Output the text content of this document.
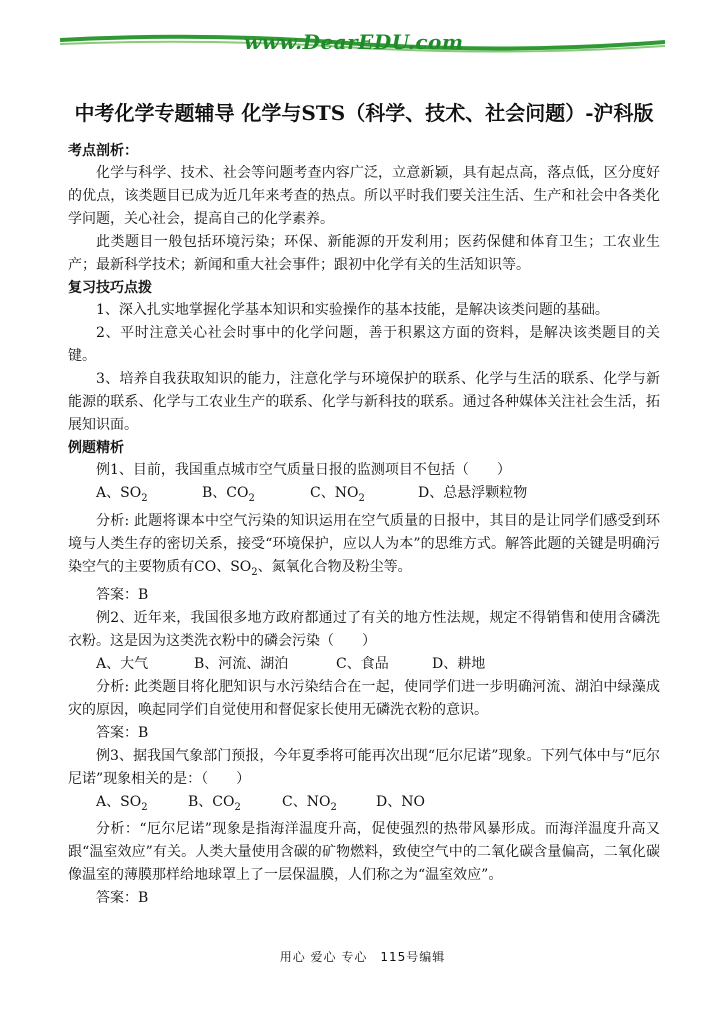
www.DearEDU.com
中考化学专题辅导 化学与STS（科学、技术、社会问题）-沪科版
考点剖析：

化学与科学、技术、社会等问题考查内容广泛，立意新颖，具有起点高，落点低，区分度好的优点，该类题目已成为近几年来考查的热点。所以平时我们要关注生活、生产和社会中各类化学问题，关心社会，提高自己的化学素养。

此类题目一般包括环境污染；环保、新能源的开发利用；医药保健和体育卫生；工农业生产；最新科学技术；新闻和重大社会事件；跟初中化学有关的生活知识等。

复习技巧点拨

1、深入扎实地掌握化学基本知识和实验操作的基本技能，是解决该类问题的基础。

2、平时注意关心社会时事中的化学问题，善于积累这方面的资料，是解决该类题目的关键。

3、培养自我获取知识的能力，注意化学与环境保护的联系、化学与生活的联系、化学与新能源的联系、化学与工农业生产的联系、化学与新科技的联系。通过各种媒体关注社会生活，拓展知识面。

例题精析

例1、目前，我国重点城市空气质量日报的监测项目不包括（　　）

A、$SO_2$	B、$CO_2$	C、$NO_2$	D、总悬浮颗粒物

分析: 此题将课本中空气污染的知识运用在空气质量的日报中，其目的是让同学们感受到环境与人类生存的密切关系，接受“环境保护，应以人为本”的思维方式。解答此题的关键是明确污染空气的主要物质有CO、$SO_2$、氮氧化合物及粉尘等。

答案：B

例2、近年来，我国很多地方政府都通过了有关的地方性法规，规定不得销售和使用含磷洗衣粉。这是因为这类洗衣粉中的磷会污染（　　）

A、大气	B、河流、湖泊	C、食品	D、耕地

分析: 此类题目将化肥知识与水污染结合在一起，使同学们进一步明确河流、湖泊中绿藻成灾的原因，唤起同学们自觉使用和督促家长使用无磷洗衣粉的意识。

答案：B

例3、据我国气象部门预报，今年夏季将可能再次出现“厄尔尼诺”现象。下列气体中与“厄尔尼诺”现象相关的是：（　　）

A、$SO_2$	B、$CO_2$	C、$NO_2$	D、NO

分析：“厄尔尼诺”现象是指海洋温度升高，促使强烈的热带风暴形成。而海洋温度升高又跟“温室效应”有关。人类大量使用含碳的矿物燃料，致使空气中的二氧化碳含量偏高，二氧化碳像温室的薄膜那样给地球罩上了一层保温膜，人们称之为“温室效应”。

答案：B

用心 爱心 专心　115号编辑
